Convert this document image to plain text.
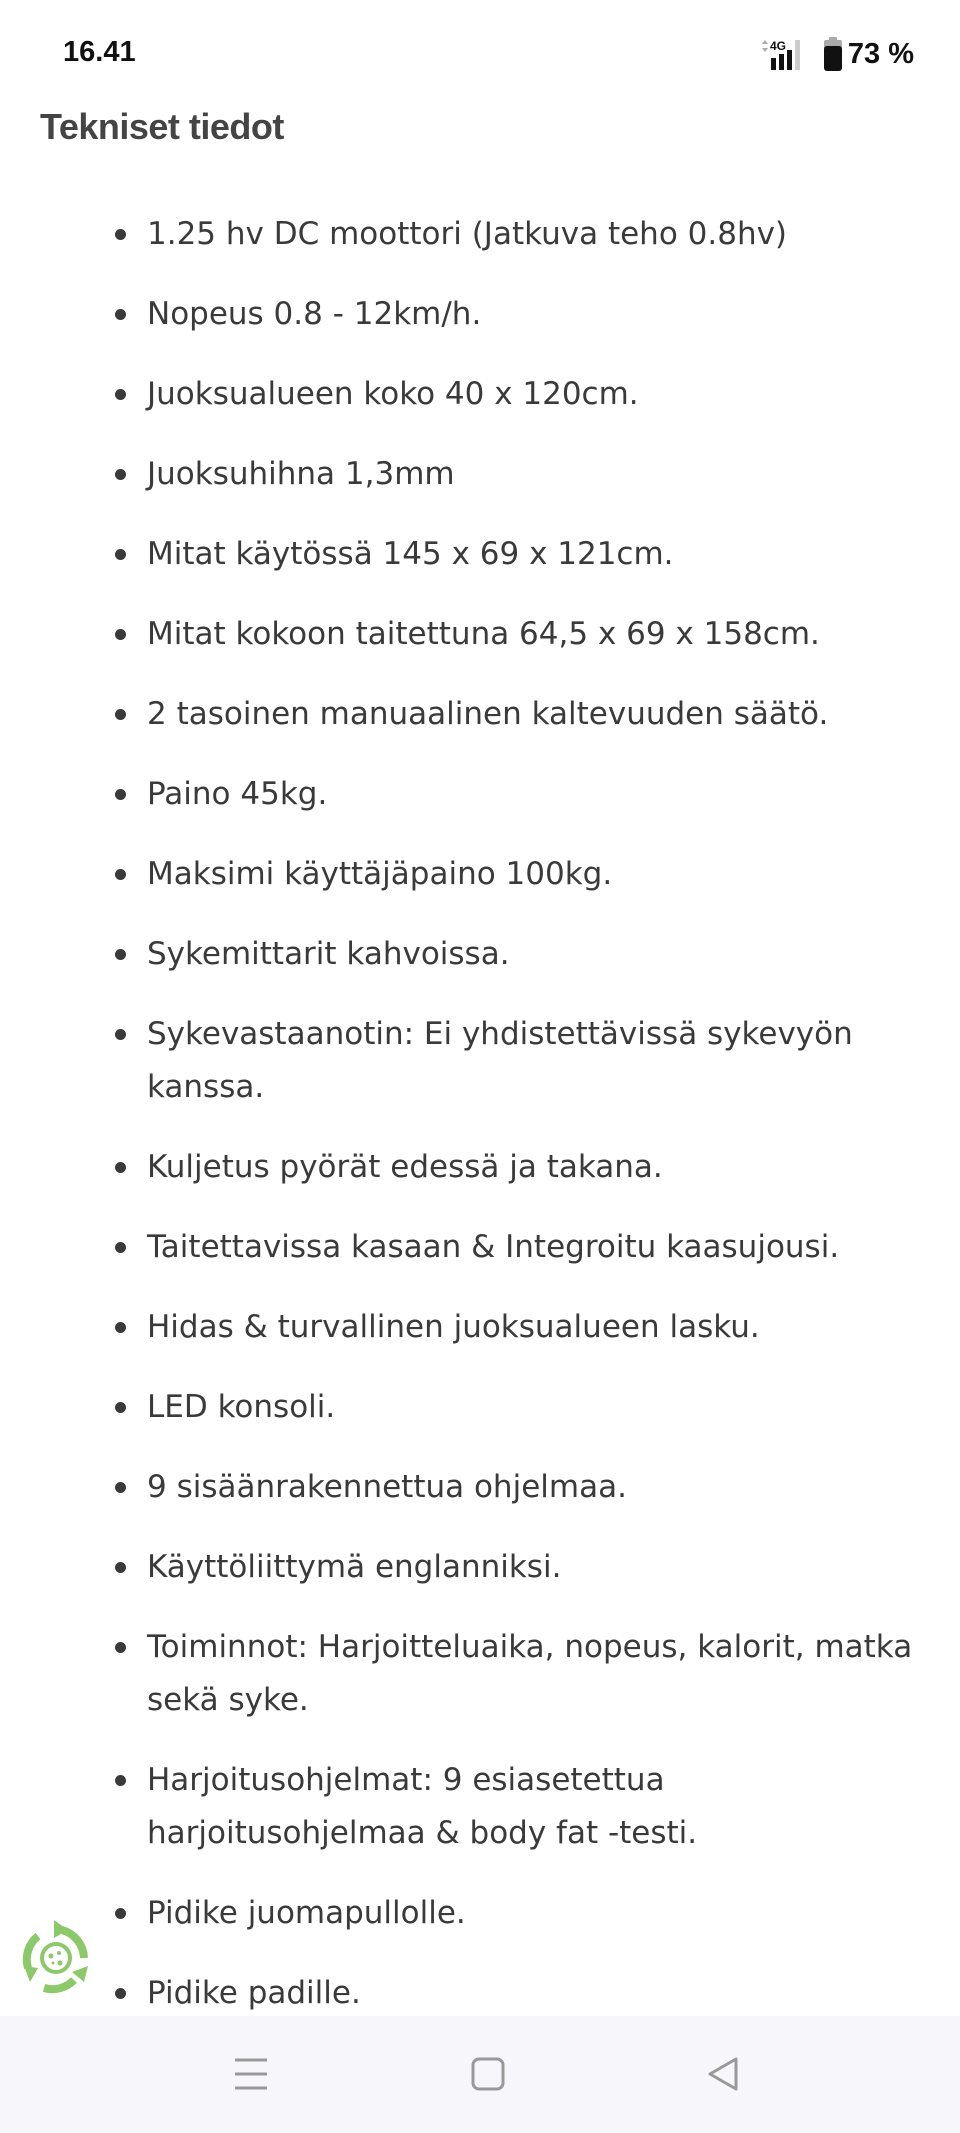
16.41	4G 73 %
Tekniset tiedot
1.25 hv DC moottori (Jatkuva teho 0.8hv)
Nopeus 0.8 - 12km/h.
Juoksualueen koko 40 x 120cm.
Juoksuhihna 1,3mm
Mitat käytössä 145 x 69 x 121cm.
Mitat kokoon taitettuna 64,5 x 69 x 158cm.
2 tasoinen manuaalinen kaltevuuden säätö.
Paino 45kg.
Maksimi käyttäjäpaino 100kg.
Sykemittarit kahvoissa.
Sykevastaanotin: Ei yhdistettävissä sykevyön kanssa.
Kuljetus pyörät edessä ja takana.
Taitettavissa kasaan & Integroitu kaasujousi.
Hidas & turvallinen juoksualueen lasku.
LED konsoli.
9 sisäänrakennettua ohjelmaa.
Käyttöliittymä englanniksi.
Toiminnot: Harjoitteluaika, nopeus, kalorit, matka sekä syke.
Harjoitusohjelmat: 9 esiasetettua harjoitusohjelmaa & body fat -testi.
Pidike juomapullolle.
Pidike padille.
